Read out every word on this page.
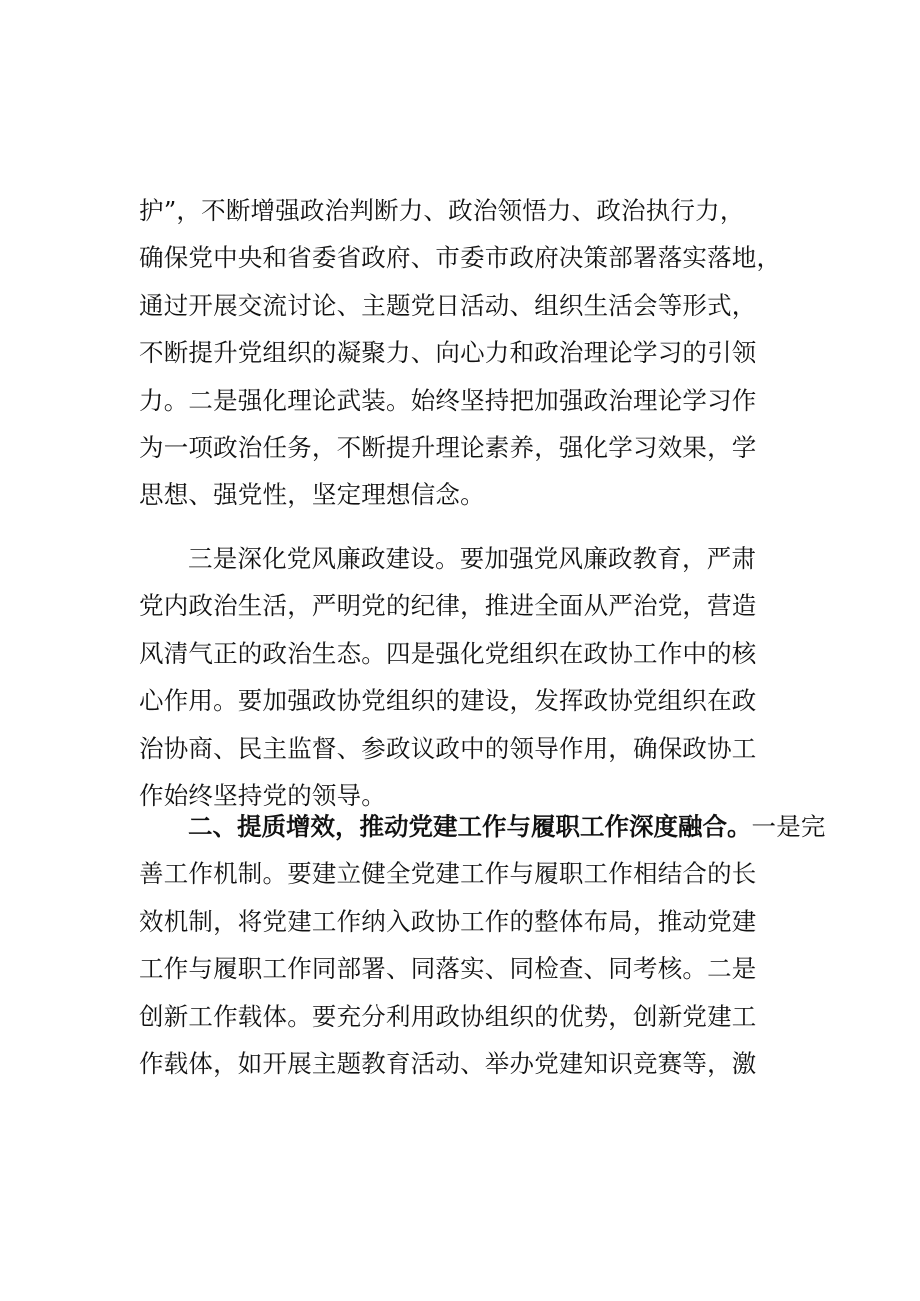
护”，不断增强政治判断力、政治领悟力、政治执行力，
确保党中央和省委省政府、市委市政府决策部署落实落地，
通过开展交流讨论、主题党日活动、组织生活会等形式，
不断提升党组织的凝聚力、向心力和政治理论学习的引领
力。二是强化理论武装。始终坚持把加强政治理论学习作
为一项政治任务，不断提升理论素养，强化学习效果，学
思想、强党性，坚定理想信念。
三是深化党风廉政建设。要加强党风廉政教育，严肃
党内政治生活，严明党的纪律，推进全面从严治党，营造
风清气正的政治生态。四是强化党组织在政协工作中的核
心作用。要加强政协党组织的建设，发挥政协党组织在政
治协商、民主监督、参政议政中的领导作用，确保政协工
作始终坚持党的领导。
二、提质增效，推动党建工作与履职工作深度融合。一是完
善工作机制。要建立健全党建工作与履职工作相结合的长
效机制，将党建工作纳入政协工作的整体布局，推动党建
工作与履职工作同部署、同落实、同检查、同考核。二是
创新工作载体。要充分利用政协组织的优势，创新党建工
作载体，如开展主题教育活动、举办党建知识竞赛等，激
